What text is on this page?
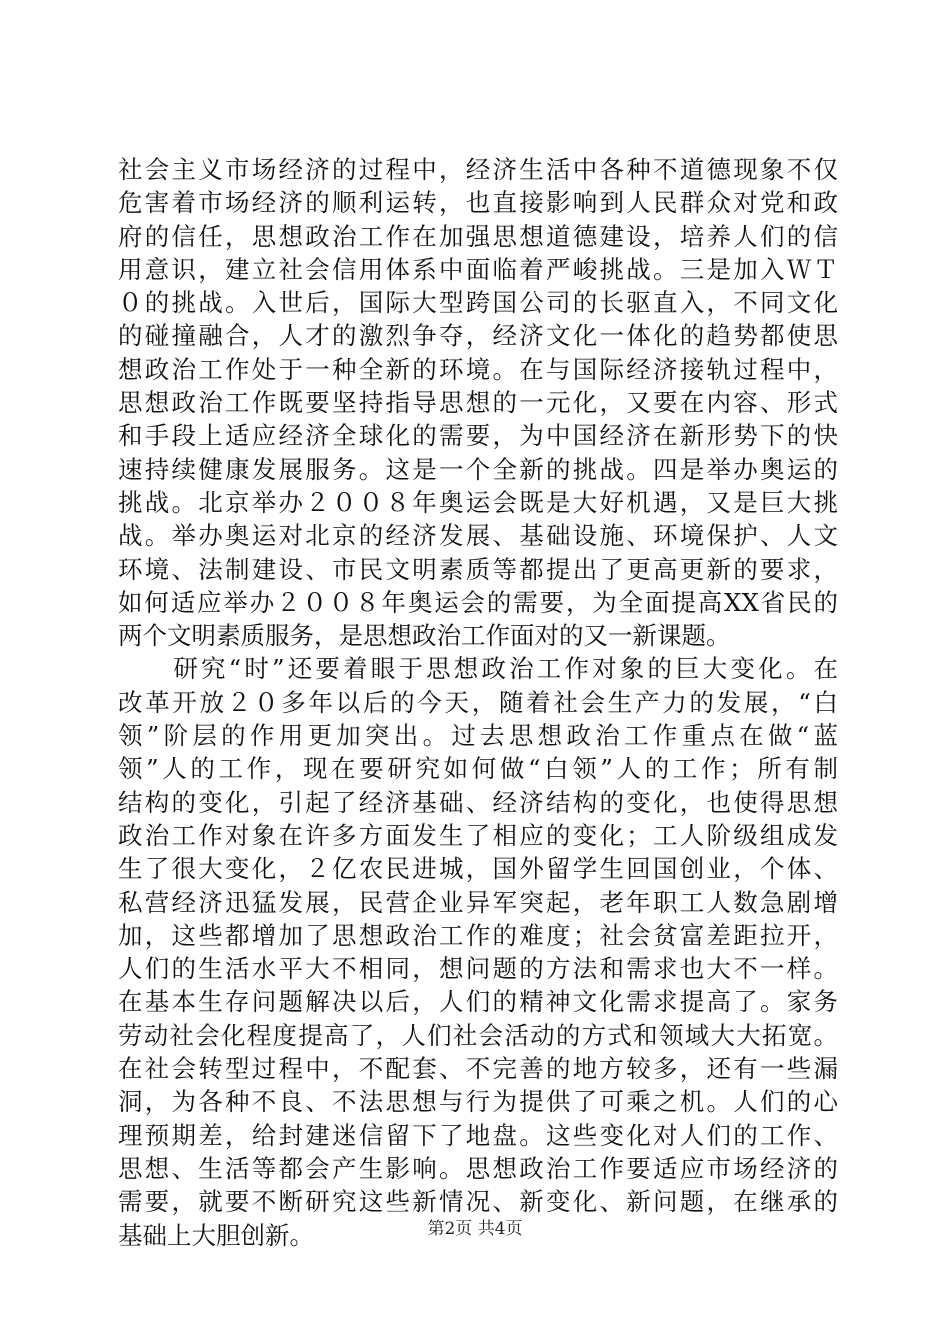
社会主义市场经济的过程中，经济生活中各种不道德现象不仅
危害着市场经济的顺利运转，也直接影响到人民群众对党和政
府的信任，思想政治工作在加强思想道德建设，培养人们的信
用意识，建立社会信用体系中面临着严峻挑战。三是加入ＷＴ
０的挑战。入世后，国际大型跨国公司的长驱直入，不同文化
的碰撞融合，人才的激烈争夺，经济文化一体化的趋势都使思
想政治工作处于一种全新的环境。在与国际经济接轨过程中，
思想政治工作既要坚持指导思想的一元化，又要在内容、形式
和手段上适应经济全球化的需要，为中国经济在新形势下的快
速持续健康发展服务。这是一个全新的挑战。四是举办奥运的
挑战。北京举办２００８年奥运会既是大好机遇，又是巨大挑
战。举办奥运对北京的经济发展、基础设施、环境保护、人文
环境、法制建设、市民文明素质等都提出了更高更新的要求，
如何适应举办２００８年奥运会的需要，为全面提高XX省民的
两个文明素质服务，是思想政治工作面对的又一新课题。
　　研究“时”还要着眼于思想政治工作对象的巨大变化。在
改革开放２０多年以后的今天，随着社会生产力的发展，“白
领”阶层的作用更加突出。过去思想政治工作重点在做“蓝
领”人的工作，现在要研究如何做“白领”人的工作；所有制
结构的变化，引起了经济基础、经济结构的变化，也使得思想
政治工作对象在许多方面发生了相应的变化；工人阶级组成发
生了很大变化，２亿农民进城，国外留学生回国创业，个体、
私营经济迅猛发展，民营企业异军突起，老年职工人数急剧增
加，这些都增加了思想政治工作的难度；社会贫富差距拉开，
人们的生活水平大不相同，想问题的方法和需求也大不一样。
在基本生存问题解决以后，人们的精神文化需求提高了。家务
劳动社会化程度提高了，人们社会活动的方式和领域大大拓宽。
在社会转型过程中，不配套、不完善的地方较多，还有一些漏
洞，为各种不良、不法思想与行为提供了可乘之机。人们的心
理预期差，给封建迷信留下了地盘。这些变化对人们的工作、
思想、生活等都会产生影响。思想政治工作要适应市场经济的
需要，就要不断研究这些新情况、新变化、新问题，在继承的
基础上大胆创新。	第2页 共4页
